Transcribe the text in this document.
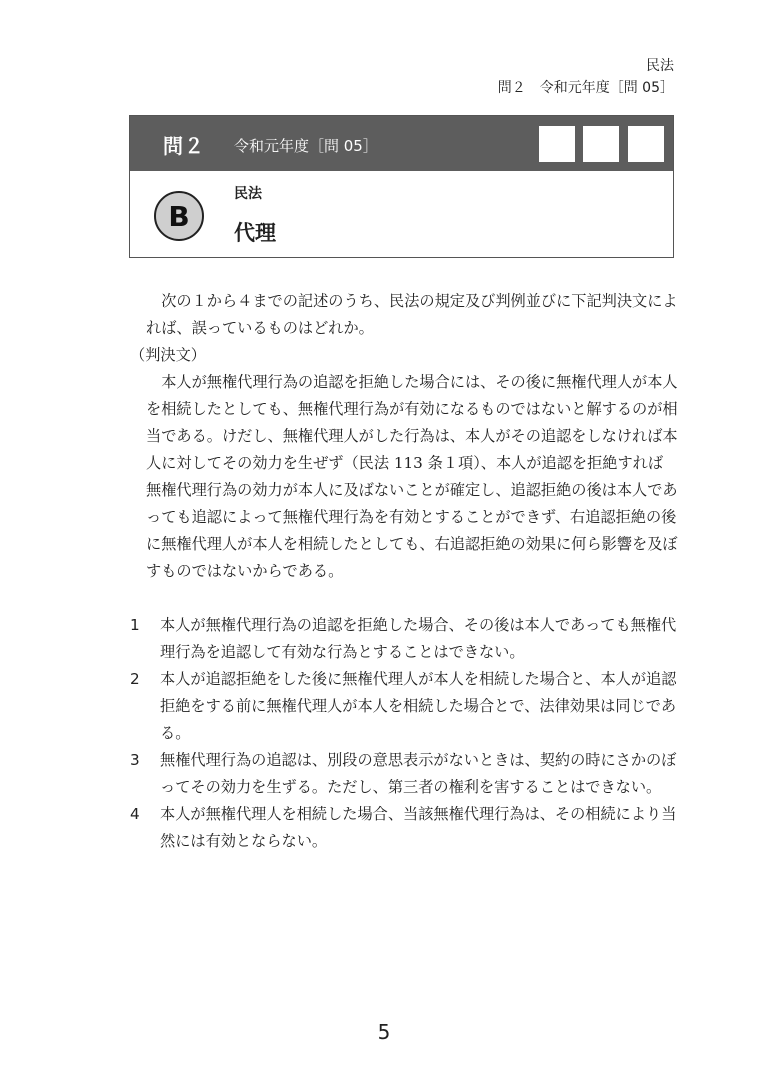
民法
問２　令和元年度［問 05］
問２ 令和元年度［問 05］
B
民法
代理

次の１から４までの記述のうち、民法の規定及び判例並びに下記判決文によれば、誤っているものはどれか。

（判決文）

本人が無権代理行為の追認を拒絶した場合には、その後に無権代理人が本人を相続したとしても、無権代理行為が有効になるものではないと解するのが相当である。けだし、無権代理人がした行為は、本人がその追認をしなければ本人に対してその効力を生ぜず（民法 113 条１項）、本人が追認を拒絶すれば無権代理行為の効力が本人に及ばないことが確定し、追認拒絶の後は本人であっても追認によって無権代理行為を有効とすることができず、右追認拒絶の後に無権代理人が本人を相続したとしても、右追認拒絶の効果に何ら影響を及ぼすものではないからである。

1	本人が無権代理行為の追認を拒絶した場合、その後は本人であっても無権代理行為を追認して有効な行為とすることはできない。
2	本人が追認拒絶をした後に無権代理人が本人を相続した場合と、本人が追認拒絶をする前に無権代理人が本人を相続した場合とで、法律効果は同じである。
3	無権代理行為の追認は、別段の意思表示がないときは、契約の時にさかのぼってその効力を生ずる。ただし、第三者の権利を害することはできない。
4	本人が無権代理人を相続した場合、当該無権代理行為は、その相続により当然には有効とならない。
5
